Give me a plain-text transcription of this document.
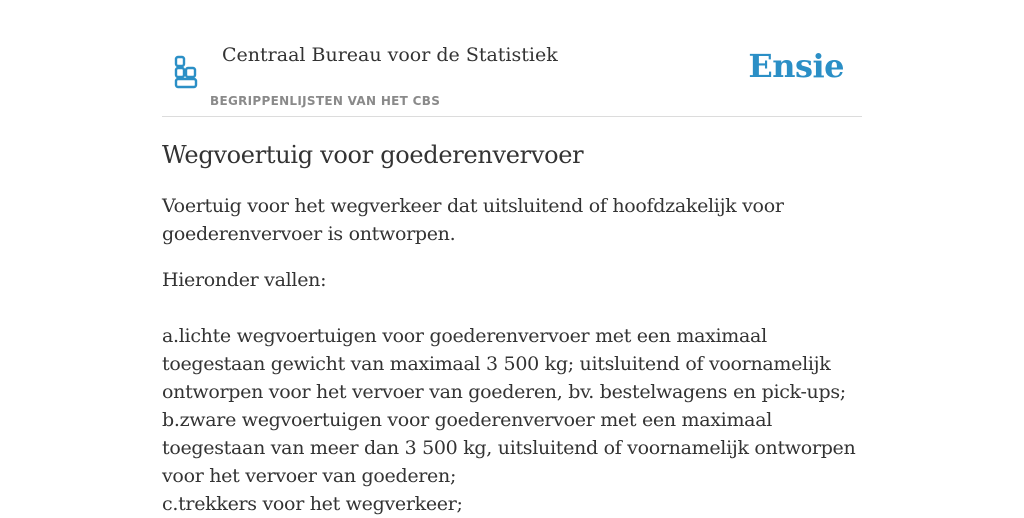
Centraal Bureau voor de Statistiek
BEGRIPPENLIJSTEN VAN HET CBS
Ensie
Wegvoertuig voor goederenvervoer

Voertuig voor het wegverkeer dat uitsluitend of hoofdzakelijk voor goederenvervoer is ontworpen.

Hieronder vallen:

a.lichte wegvoertuigen voor goederenvervoer met een maximaal toegestaan gewicht van maximaal 3 500 kg; uitsluitend of voornamelijk ontworpen voor het vervoer van goederen, bv. bestelwagens en pick-ups;

b.zware wegvoertuigen voor goederenvervoer met een maximaal toegestaan van meer dan 3 500 kg, uitsluitend of voornamelijk ontworpen voor het vervoer van goederen;

c.trekkers voor het wegverkeer;
